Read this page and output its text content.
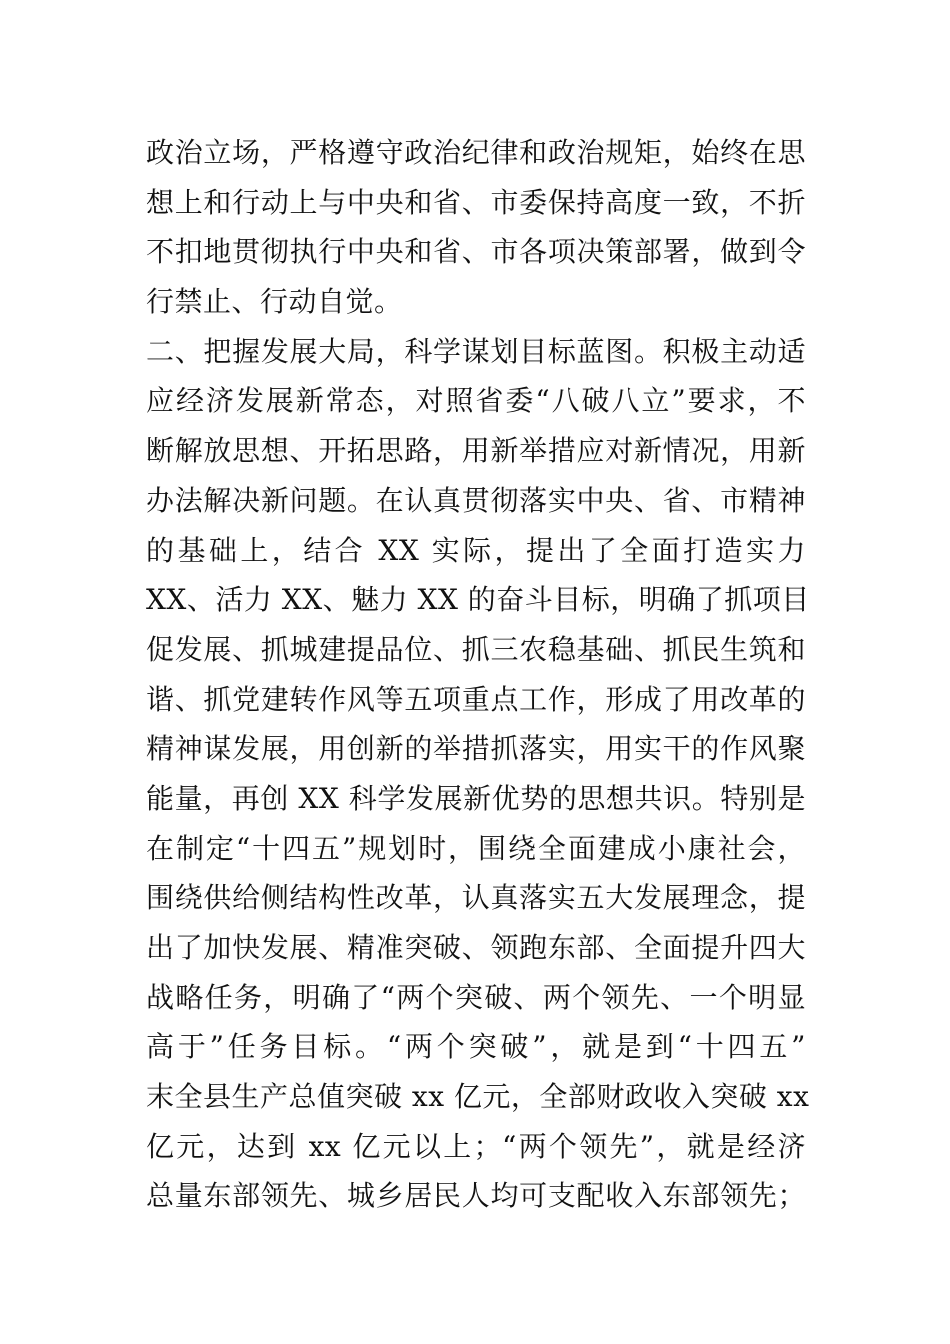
政治立场，严格遵守政治纪律和政治规矩，始终在思
想上和行动上与中央和省、市委保持高度一致，不折
不扣地贯彻执行中央和省、市各项决策部署，做到令
行禁止、行动自觉。
二、把握发展大局，科学谋划目标蓝图。积极主动适
应经济发展新常态，对照省委“八破八立”要求，不
断解放思想、开拓思路，用新举措应对新情况，用新
办法解决新问题。在认真贯彻落实中央、省、市精神
的基础上，结合 XX 实际，提出了全面打造实力
XX、活力 XX、魅力 XX 的奋斗目标，明确了抓项目
促发展、抓城建提品位、抓三农稳基础、抓民生筑和
谐、抓党建转作风等五项重点工作，形成了用改革的
精神谋发展，用创新的举措抓落实，用实干的作风聚
能量，再创 XX 科学发展新优势的思想共识。特别是
在制定“十四五”规划时，围绕全面建成小康社会，
围绕供给侧结构性改革，认真落实五大发展理念，提
出了加快发展、精准突破、领跑东部、全面提升四大
战略任务，明确了“两个突破、两个领先、一个明显
高于”任务目标。“两个突破”，就是到“十四五”
末全县生产总值突破 xx 亿元，全部财政收入突破 xx
亿元，达到 xx 亿元以上；“两个领先”，就是经济
总量东部领先、城乡居民人均可支配收入东部领先；
